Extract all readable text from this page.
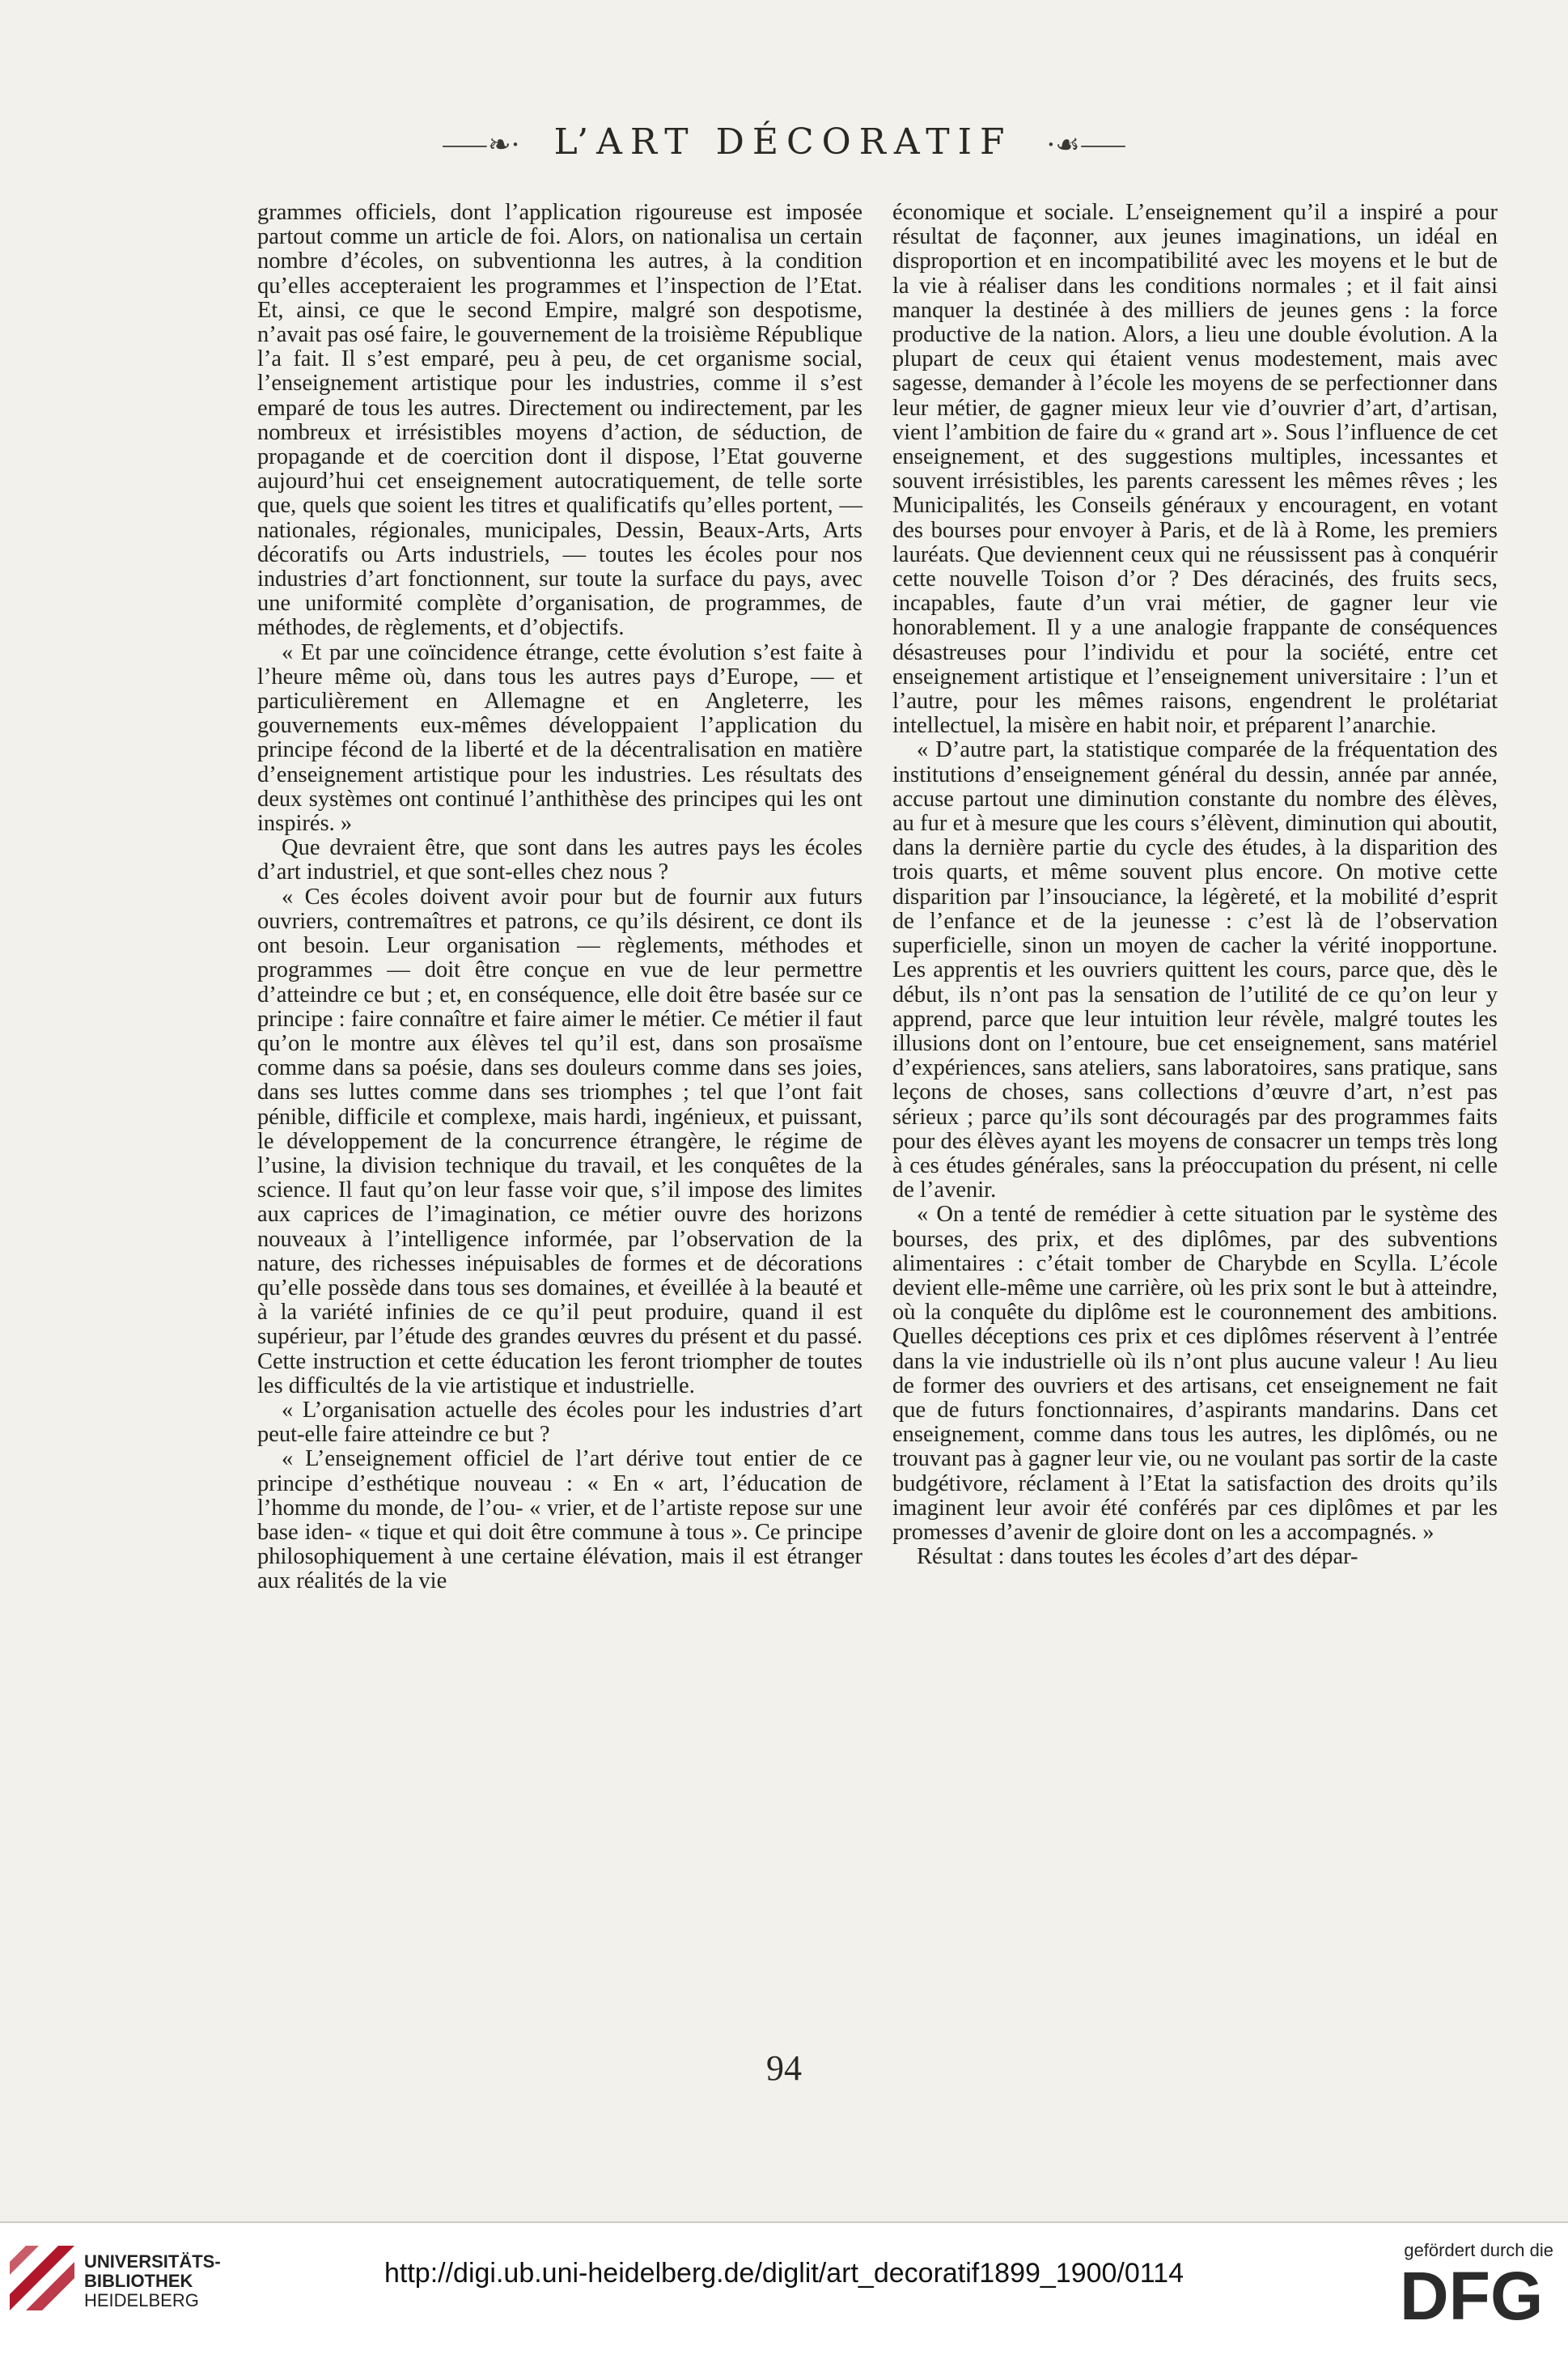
⸺❧· L’ART DÉCORATIF ·☙⸺

grammes officiels, dont l’application rigoureuse est imposée partout comme un article de foi. Alors, on nationalisa un certain nombre d’écoles, on subventionna les autres, à la condition qu’elles accepteraient les programmes et l’inspection de l’Etat. Et, ainsi, ce que le second Empire, malgré son despotisme, n’avait pas osé faire, le gouvernement de la troisième République l’a fait. Il s’est emparé, peu à peu, de cet organisme social, l’enseignement artistique pour les industries, comme il s’est emparé de tous les autres. Directement ou indirectement, par les nombreux et irrésistibles moyens d’action, de séduction, de propagande et de coercition dont il dispose, l’Etat gouverne aujourd’hui cet enseignement autocratiquement, de telle sorte que, quels que soient les titres et qualificatifs qu’elles portent, — nationales, régionales, municipales, Dessin, Beaux-Arts, Arts décoratifs ou Arts industriels, — toutes les écoles pour nos industries d’art fonctionnent, sur toute la surface du pays, avec une uniformité complète d’organisation, de programmes, de méthodes, de règlements, et d’objectifs.

« Et par une coïncidence étrange, cette évolution s’est faite à l’heure même où, dans tous les autres pays d’Europe, — et particulièrement en Allemagne et en Angleterre, les gouvernements eux-mêmes développaient l’application du principe fécond de la liberté et de la décentralisation en matière d’enseignement artistique pour les industries. Les résultats des deux systèmes ont continué l’anthithèse des principes qui les ont inspirés. »

Que devraient être, que sont dans les autres pays les écoles d’art industriel, et que sont-elles chez nous ?

« Ces écoles doivent avoir pour but de fournir aux futurs ouvriers, contremaîtres et patrons, ce qu’ils désirent, ce dont ils ont besoin. Leur organisation — règlements, méthodes et programmes — doit être conçue en vue de leur permettre d’atteindre ce but ; et, en conséquence, elle doit être basée sur ce principe : faire connaître et faire aimer le métier. Ce métier il faut qu’on le montre aux élèves tel qu’il est, dans son prosaïsme comme dans sa poésie, dans ses douleurs comme dans ses joies, dans ses luttes comme dans ses triomphes ; tel que l’ont fait pénible, difficile et complexe, mais hardi, ingénieux, et puissant, le développement de la concurrence étrangère, le régime de l’usine, la division technique du travail, et les conquêtes de la science. Il faut qu’on leur fasse voir que, s’il impose des limites aux caprices de l’imagination, ce métier ouvre des horizons nouveaux à l’intelligence informée, par l’observation de la nature, des richesses inépuisables de formes et de décorations qu’elle possède dans tous ses domaines, et éveillée à la beauté et à la variété infinies de ce qu’il peut produire, quand il est supérieur, par l’étude des grandes œuvres du présent et du passé. Cette instruction et cette éducation les feront triompher de toutes les difficultés de la vie artistique et industrielle.

« L’organisation actuelle des écoles pour les industries d’art peut-elle faire atteindre ce but ?

« L’enseignement officiel de l’art dérive tout entier de ce principe d’esthétique nouveau : « En « art, l’éducation de l’homme du monde, de l’ou- « vrier, et de l’artiste repose sur une base iden- « tique et qui doit être commune à tous ». Ce principe philosophiquement à une certaine élévation, mais il est étranger aux réalités de la vie

économique et sociale. L’enseignement qu’il a inspiré a pour résultat de façonner, aux jeunes imaginations, un idéal en disproportion et en incompatibilité avec les moyens et le but de la vie à réaliser dans les conditions normales ; et il fait ainsi manquer la destinée à des milliers de jeunes gens : la force productive de la nation. Alors, a lieu une double évolution. A la plupart de ceux qui étaient venus modestement, mais avec sagesse, demander à l’école les moyens de se perfectionner dans leur métier, de gagner mieux leur vie d’ouvrier d’art, d’artisan, vient l’ambition de faire du « grand art ». Sous l’influence de cet enseignement, et des suggestions multiples, incessantes et souvent irrésistibles, les parents caressent les mêmes rêves ; les Municipalités, les Conseils généraux y encouragent, en votant des bourses pour envoyer à Paris, et de là à Rome, les premiers lauréats. Que deviennent ceux qui ne réussissent pas à conquérir cette nouvelle Toison d’or ? Des déracinés, des fruits secs, incapables, faute d’un vrai métier, de gagner leur vie honorablement. Il y a une analogie frappante de conséquences désastreuses pour l’individu et pour la société, entre cet enseignement artistique et l’enseignement universitaire : l’un et l’autre, pour les mêmes raisons, engendrent le prolétariat intellectuel, la misère en habit noir, et préparent l’anarchie.

« D’autre part, la statistique comparée de la fréquentation des institutions d’enseignement général du dessin, année par année, accuse partout une diminution constante du nombre des élèves, au fur et à mesure que les cours s’élèvent, diminution qui aboutit, dans la dernière partie du cycle des études, à la disparition des trois quarts, et même souvent plus encore. On motive cette disparition par l’insouciance, la légèreté, et la mobilité d’esprit de l’enfance et de la jeunesse : c’est là de l’observation superficielle, sinon un moyen de cacher la vérité inopportune. Les apprentis et les ouvriers quittent les cours, parce que, dès le début, ils n’ont pas la sensation de l’utilité de ce qu’on leur y apprend, parce que leur intuition leur révèle, malgré toutes les illusions dont on l’entoure, bue cet enseignement, sans matériel d’expériences, sans ateliers, sans laboratoires, sans pratique, sans leçons de choses, sans collections d’œuvre d’art, n’est pas sérieux ; parce qu’ils sont découragés par des programmes faits pour des élèves ayant les moyens de consacrer un temps très long à ces études générales, sans la préoccupation du présent, ni celle de l’avenir.

« On a tenté de remédier à cette situation par le système des bourses, des prix, et des diplômes, par des subventions alimentaires : c’était tomber de Charybde en Scylla. L’école devient elle-même une carrière, où les prix sont le but à atteindre, où la conquête du diplôme est le couronnement des ambitions. Quelles déceptions ces prix et ces diplômes réservent à l’entrée dans la vie industrielle où ils n’ont plus aucune valeur ! Au lieu de former des ouvriers et des artisans, cet enseignement ne fait que de futurs fonctionnaires, d’aspirants mandarins. Dans cet enseignement, comme dans tous les autres, les diplômés, ou ne trouvant pas à gagner leur vie, ou ne voulant pas sortir de la caste budgétivore, réclament à l’Etat la satisfaction des droits qu’ils imaginent leur avoir été conférés par ces diplômes et par les promesses d’avenir de gloire dont on les a accompagnés. »

Résultat : dans toutes les écoles d’art des dépar-

94
UNIVERSITÄTS-
BIBLIOTHEK
HEIDELBERG
http://digi.ub.uni-heidelberg.de/diglit/art_decoratif1899_1900/0114
gefördert durch die
DFG
